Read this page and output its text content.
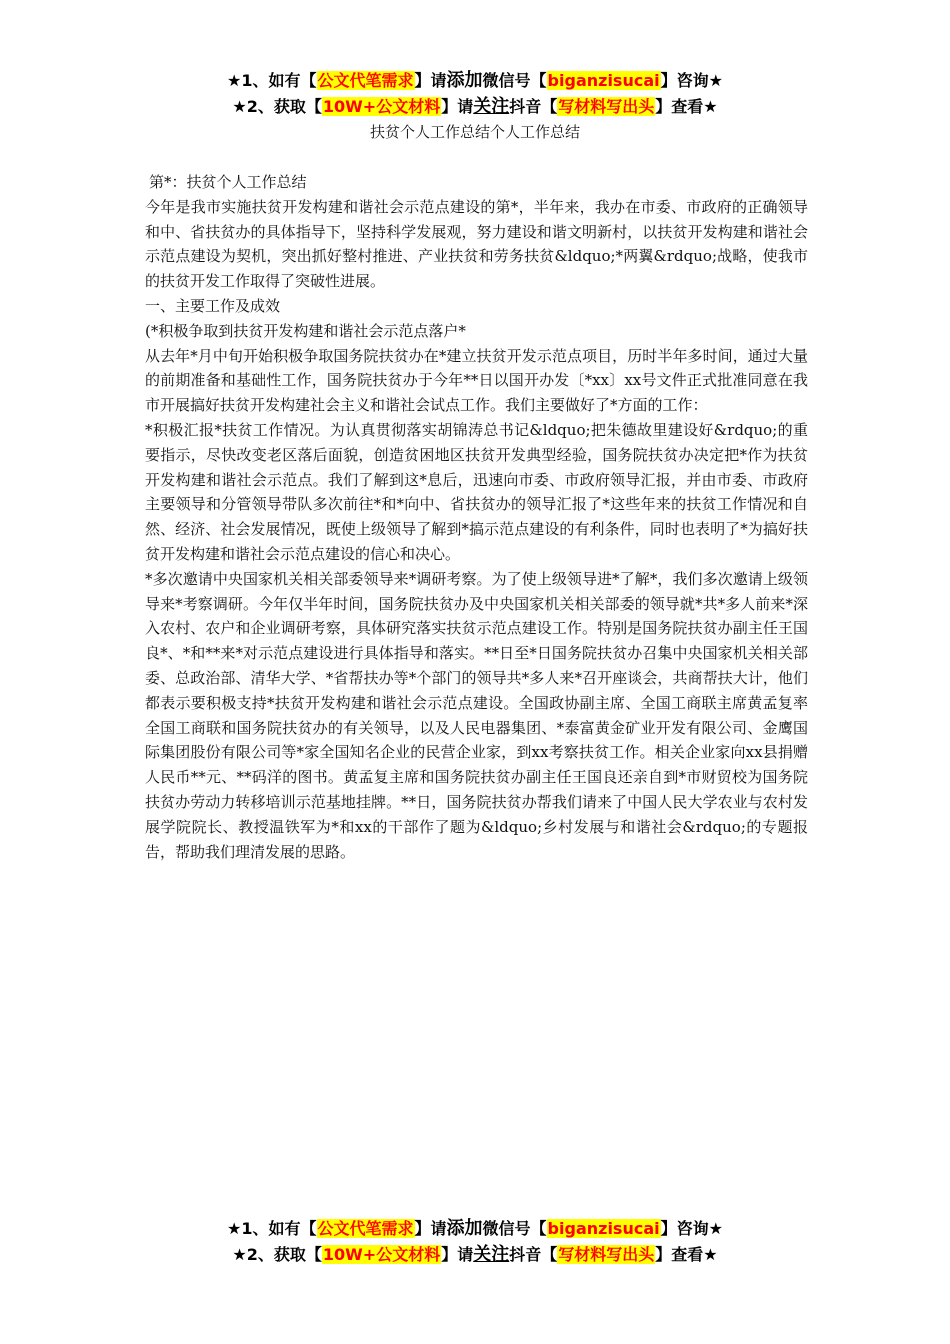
★1、如有【公文代笔需求】请添加微信号【biganzisucai】咨询★
★2、获取【10W+公文材料】请关注抖音【写材料写出头】查看★
扶贫个人工作总结个人工作总结

第*：扶贫个人工作总结

今年是我市实施扶贫开发构建和谐社会示范点建设的第*，半年来，我办在市委、市政府的正确领导和中、省扶贫办的具体指导下，坚持科学发展观，努力建设和谐文明新村，以扶贫开发构建和谐社会示范点建设为契机，突出抓好整村推进、产业扶贫和劳务扶贫&ldquo;*两翼&rdquo;战略，使我市的扶贫开发工作取得了突破性进展。

一、主要工作及成效

(*积极争取到扶贫开发构建和谐社会示范点落户*

从去年*月中旬开始积极争取国务院扶贫办在*建立扶贫开发示范点项目，历时半年多时间，通过大量的前期准备和基础性工作，国务院扶贫办于今年**日以国开办发〔*xx〕xx号文件正式批准同意在我市开展搞好扶贫开发构建社会主义和谐社会试点工作。我们主要做好了*方面的工作：

*积极汇报*扶贫工作情况。为认真贯彻落实胡锦涛总书记&ldquo;把朱德故里建设好&rdquo;的重要指示，尽快改变老区落后面貌，创造贫困地区扶贫开发典型经验，国务院扶贫办决定把*作为扶贫开发构建和谐社会示范点。我们了解到这*息后，迅速向市委、市政府领导汇报，并由市委、市政府主要领导和分管领导带队多次前往*和*向中、省扶贫办的领导汇报了*这些年来的扶贫工作情况和自然、经济、社会发展情况，既使上级领导了解到*搞示范点建设的有利条件，同时也表明了*为搞好扶贫开发构建和谐社会示范点建设的信心和决心。

*多次邀请中央国家机关相关部委领导来*调研考察。为了使上级领导进*了解*，我们多次邀请上级领导来*考察调研。今年仅半年时间，国务院扶贫办及中央国家机关相关部委的领导就*共*多人前来*深入农村、农户和企业调研考察，具体研究落实扶贫示范点建设工作。特别是国务院扶贫办副主任王国良*、*和**来*对示范点建设进行具体指导和落实。**日至*日国务院扶贫办召集中央国家机关相关部委、总政治部、清华大学、*省帮扶办等*个部门的领导共*多人来*召开座谈会，共商帮扶大计，他们都表示要积极支持*扶贫开发构建和谐社会示范点建设。全国政协副主席、全国工商联主席黄孟复率全国工商联和国务院扶贫办的有关领导，以及人民电器集团、*泰富黄金矿业开发有限公司、金鹰国际集团股份有限公司等*家全国知名企业的民营企业家，到xx考察扶贫工作。相关企业家向xx县捐赠人民币**元、**码洋的图书。黄孟复主席和国务院扶贫办副主任王国良还亲自到*市财贸校为国务院扶贫办劳动力转移培训示范基地挂牌。**日，国务院扶贫办帮我们请来了中国人民大学农业与农村发展学院院长、教授温铁军为*和xx的干部作了题为&ldquo;乡村发展与和谐社会&rdquo;的专题报告，帮助我们理清发展的思路。

★1、如有【公文代笔需求】请添加微信号【biganzisucai】咨询★
★2、获取【10W+公文材料】请关注抖音【写材料写出头】查看★
